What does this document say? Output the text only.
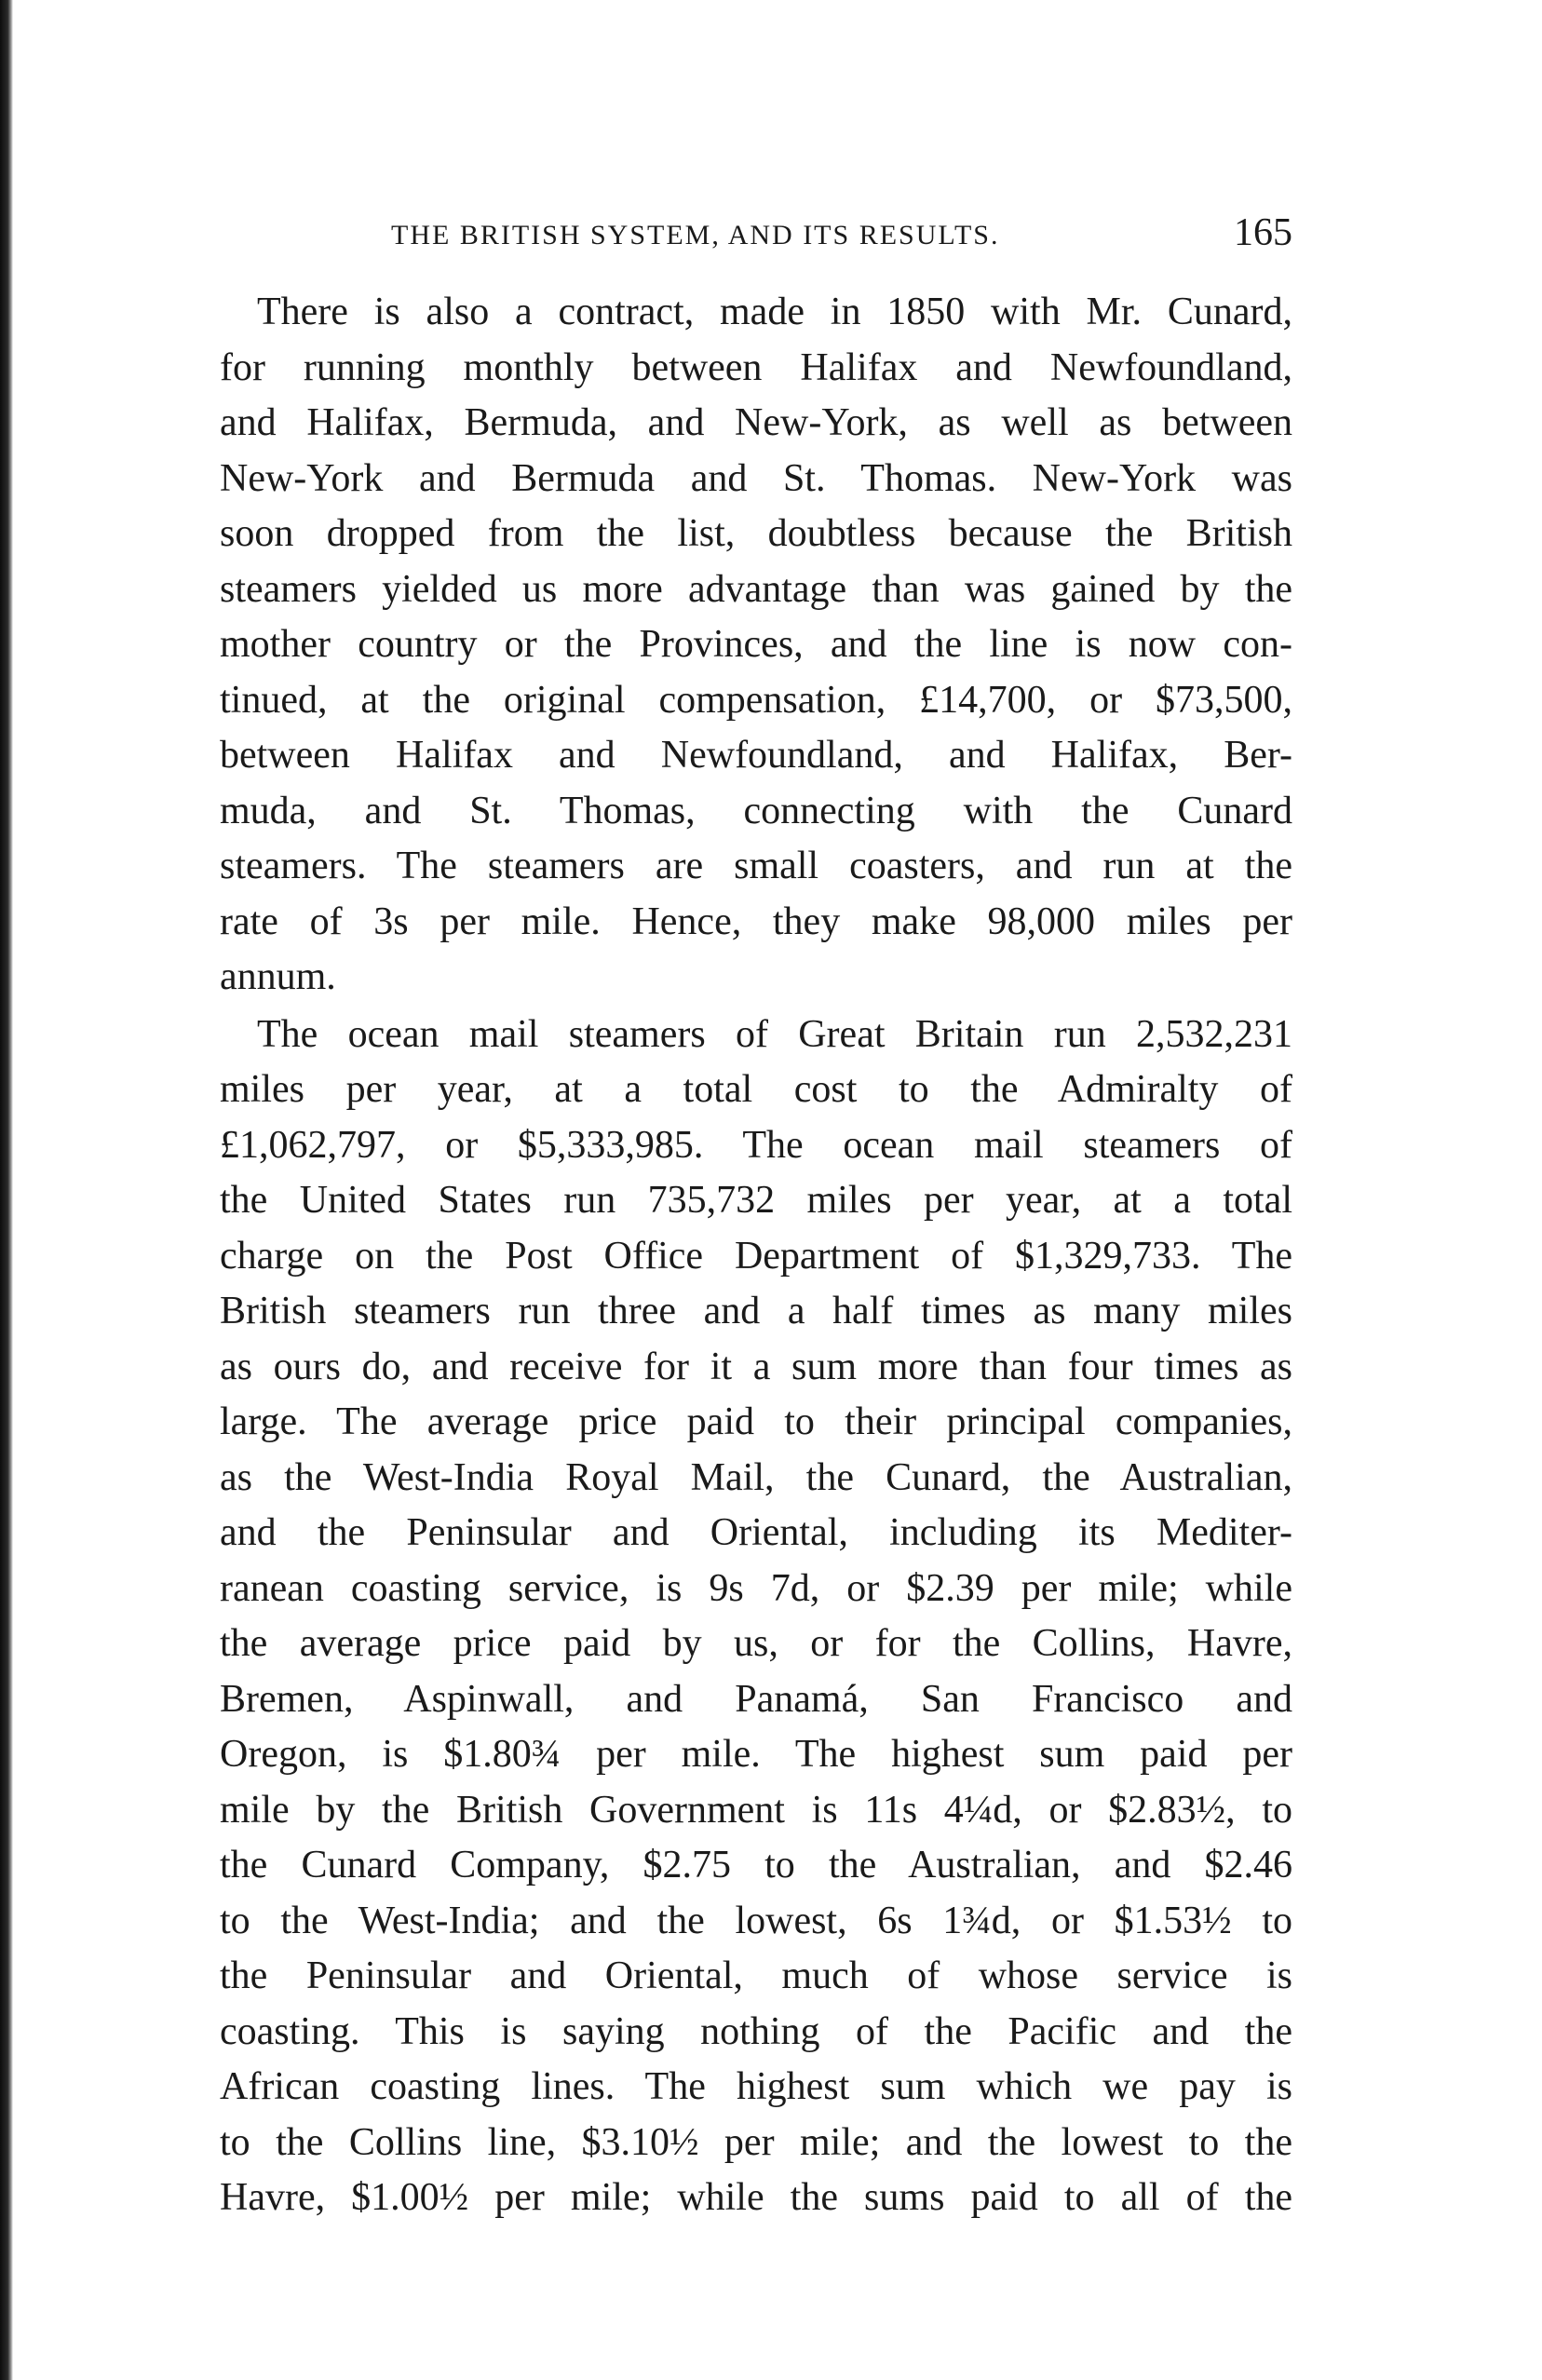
THE BRITISH SYSTEM, AND ITS RESULTS.	165
There is also a contract, made in 1850 with Mr. Cunard,
for running monthly between Halifax and Newfoundland,
and Halifax, Bermuda, and New-York, as well as between
New-York and Bermuda and St. Thomas. New-York was
soon dropped from the list, doubtless because the British
steamers yielded us more advantage than was gained by the
mother country or the Provinces, and the line is now con-
tinued, at the original compensation, £14,700, or $73,500,
between Halifax and Newfoundland, and Halifax, Ber-
muda, and St. Thomas, connecting with the Cunard
steamers. The steamers are small coasters, and run at the
rate of 3s per mile. Hence, they make 98,000 miles per
annum.
The ocean mail steamers of Great Britain run 2,532,231
miles per year, at a total cost to the Admiralty of
£1,062,797, or $5,333,985. The ocean mail steamers of
the United States run 735,732 miles per year, at a total
charge on the Post Office Department of $1,329,733. The
British steamers run three and a half times as many miles
as ours do, and receive for it a sum more than four times as
large. The average price paid to their principal companies,
as the West-India Royal Mail, the Cunard, the Australian,
and the Peninsular and Oriental, including its Mediter-
ranean coasting service, is 9s 7d, or $2.39 per mile; while
the average price paid by us, or for the Collins, Havre,
Bremen, Aspinwall, and Panamá, San Francisco and
Oregon, is $1.80¾ per mile. The highest sum paid per
mile by the British Government is 11s 4¼d, or $2.83½, to
the Cunard Company, $2.75 to the Australian, and $2.46
to the West-India; and the lowest, 6s 1¾d, or $1.53½ to
the Peninsular and Oriental, much of whose service is
coasting. This is saying nothing of the Pacific and the
African coasting lines. The highest sum which we pay is
to the Collins line, $3.10½ per mile; and the lowest to the
Havre, $1.00½ per mile; while the sums paid to all of the
